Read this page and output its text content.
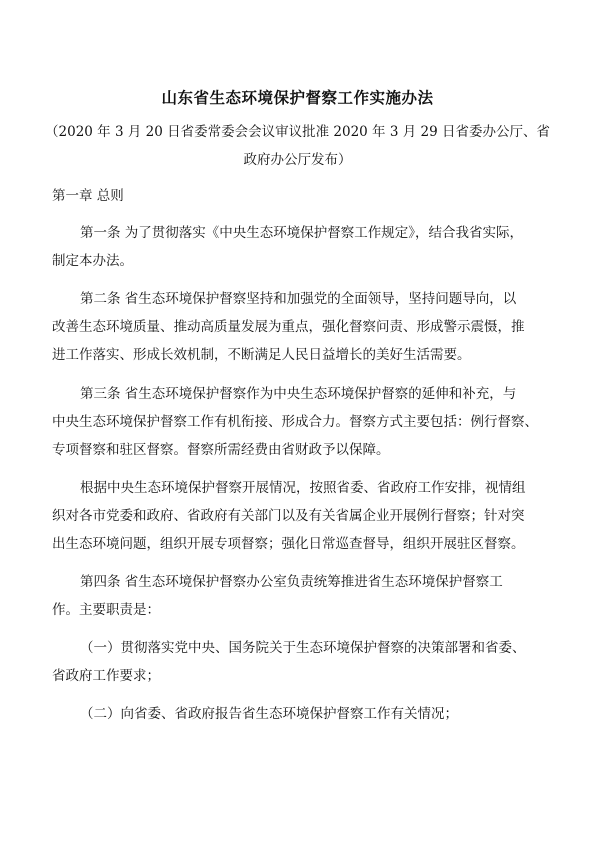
山东省生态环境保护督察工作实施办法
（2020 年 3 月 20 日省委常委会会议审议批准 2020 年 3 月 29 日省委办公厅、省
政府办公厅发布）
第一章 总则
第一条 为了贯彻落实《中央生态环境保护督察工作规定》，结合我省实际，
制定本办法。
第二条 省生态环境保护督察坚持和加强党的全面领导，坚持问题导向，以
改善生态环境质量、推动高质量发展为重点，强化督察问责、形成警示震慑，推
进工作落实、形成长效机制，不断满足人民日益增长的美好生活需要。
第三条 省生态环境保护督察作为中央生态环境保护督察的延伸和补充，与
中央生态环境保护督察工作有机衔接、形成合力。督察方式主要包括：例行督察、
专项督察和驻区督察。督察所需经费由省财政予以保障。
根据中央生态环境保护督察开展情况，按照省委、省政府工作安排，视情组
织对各市党委和政府、省政府有关部门以及有关省属企业开展例行督察；针对突
出生态环境问题，组织开展专项督察；强化日常巡查督导，组织开展驻区督察。
第四条 省生态环境保护督察办公室负责统筹推进省生态环境保护督察工
作。主要职责是：
（一）贯彻落实党中央、国务院关于生态环境保护督察的决策部署和省委、
省政府工作要求；
（二）向省委、省政府报告省生态环境保护督察工作有关情况；
